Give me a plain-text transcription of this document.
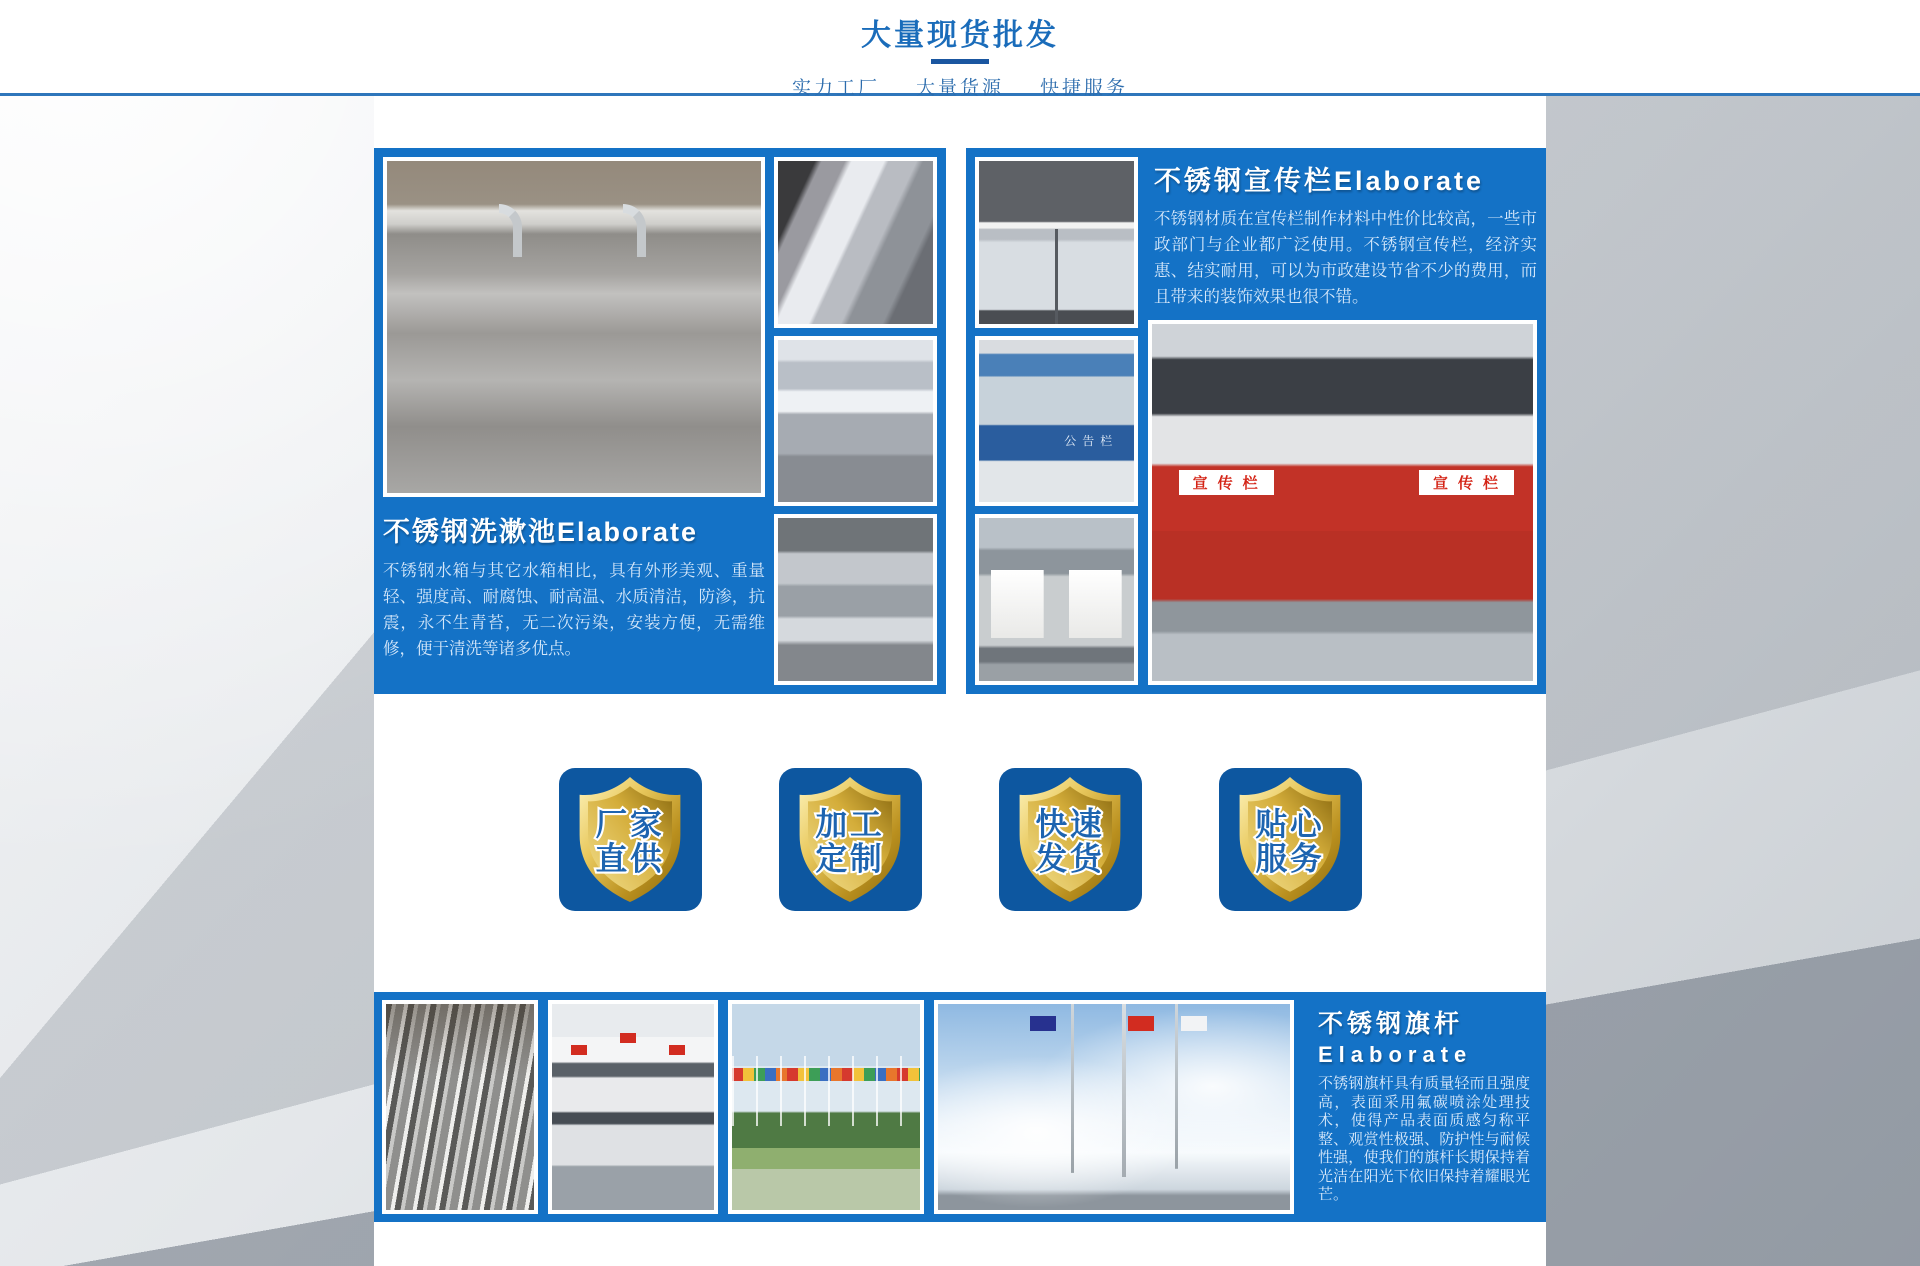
大量现货批发
实力工厂 大量货源 快捷服务
不锈钢洗漱池Elaborate
不锈钢水箱与其它水箱相比，具有外形美观、重量轻、强度高、耐腐蚀、耐高温、水质清洁，防渗，抗震，永不生青苔，无二次污染，安装方便，无需维修，便于清洗等诸多优点。
公告栏
不锈钢宣传栏Elaborate
不锈钢材质在宣传栏制作材料中性价比较高，一些市政部门与企业都广泛使用。不锈钢宣传栏，经济实惠、结实耐用，可以为市政建设节省不少的费用，而且带来的装饰效果也很不错。
宣传栏	宣传栏
厂家
直供
加工
定制
快速
发货
贴心
服务
不锈钢旗杆
Elaborate
不锈钢旗杆具有质量轻而且强度高，表面采用氟碳喷涂处理技术，使得产品表面质感匀称平整、观赏性极强、防护性与耐候性强，使我们的旗杆长期保持着光洁在阳光下依旧保持着耀眼光芒。
